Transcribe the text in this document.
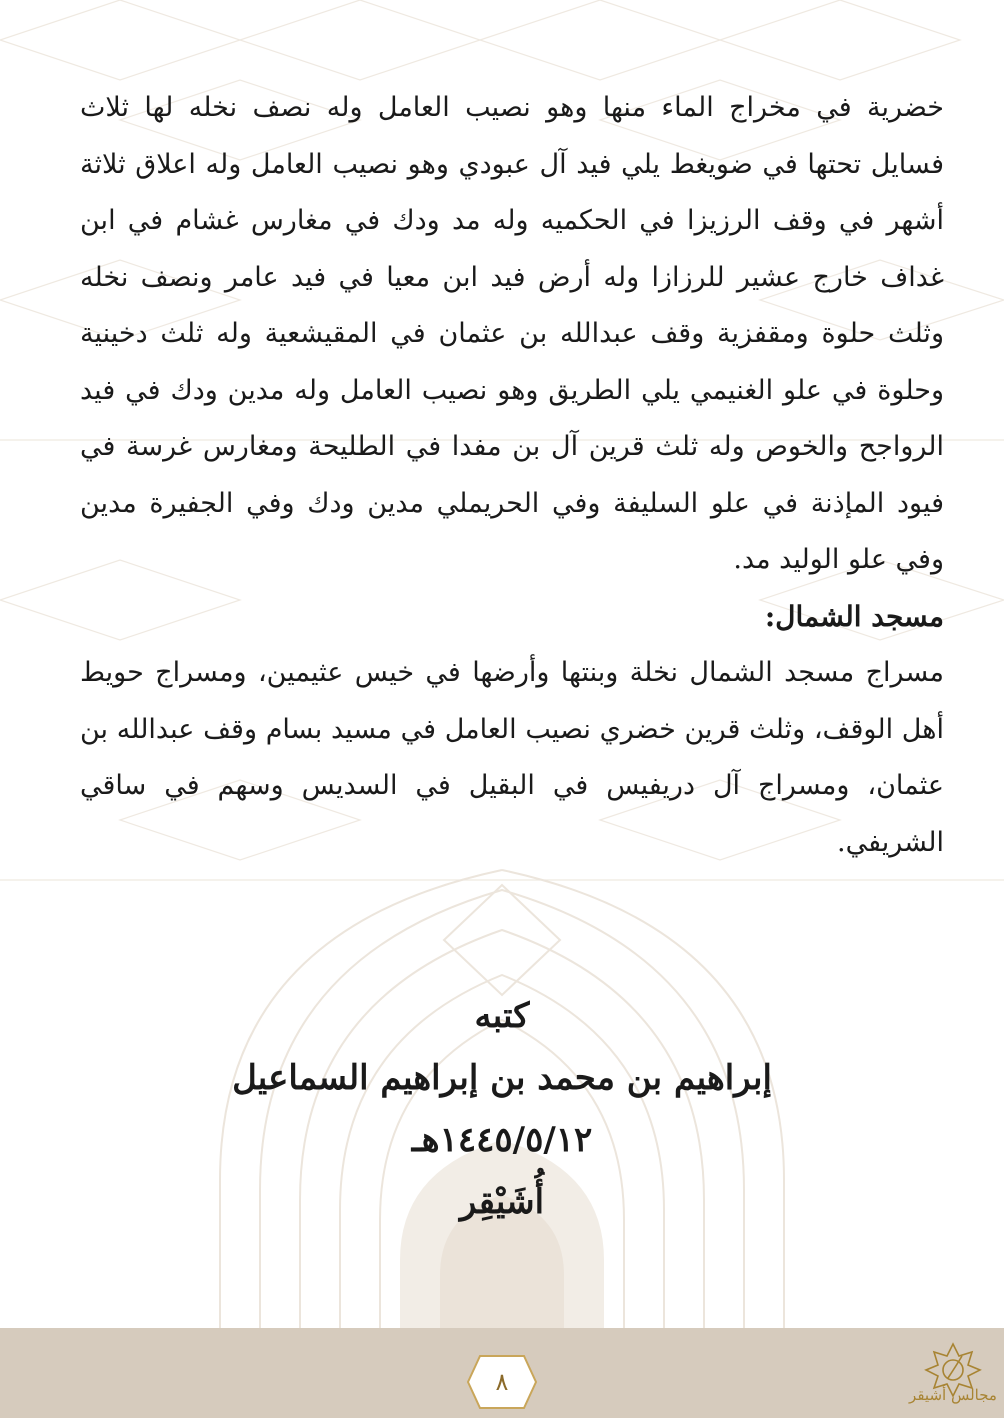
خضرية في مخراج الماء منها وهو نصيب العامل وله نصف نخله لها ثلاث فسايل تحتها في ضويغط يلي فيد آل عبودي وهو نصيب العامل وله اعلاق ثلاثة أشهر في وقف الرزيزا في الحكميه وله مد ودك في مغارس غشام في ابن غداف خارج عشير للرزازا وله أرض فيد ابن معيا في فيد عامر ونصف نخله وثلث حلوة ومقفزية وقف عبدالله بن عثمان في المقيشعية وله ثلث دخينية وحلوة في علو الغنيمي يلي الطريق وهو نصيب العامل وله مدين ودك في فيد الرواجح والخوص وله ثلث قرين آل بن مفدا في الطليحة ومغارس غرسة في فيود المإذنة في علو السليفة وفي الحريملي مدين ودك وفي الجفيرة مدين وفي علو الوليد مد.

مسجد الشمال:

مسراج مسجد الشمال نخلة وبنتها وأرضها في خيس عثيمين، ومسراج حويط أهل الوقف، وثلث قرين خضري نصيب العامل في مسيد بسام وقف عبدالله بن عثمان، ومسراج آل دريفيس في البقيل في السديس وسهم في ساقي الشريفي.

كتبه

إبراهيم بن محمد بن إبراهيم السماعيل

١٤٤٥/٥/١٢هـ

أُشَيْقِر

٨	مجالس أشيقر
